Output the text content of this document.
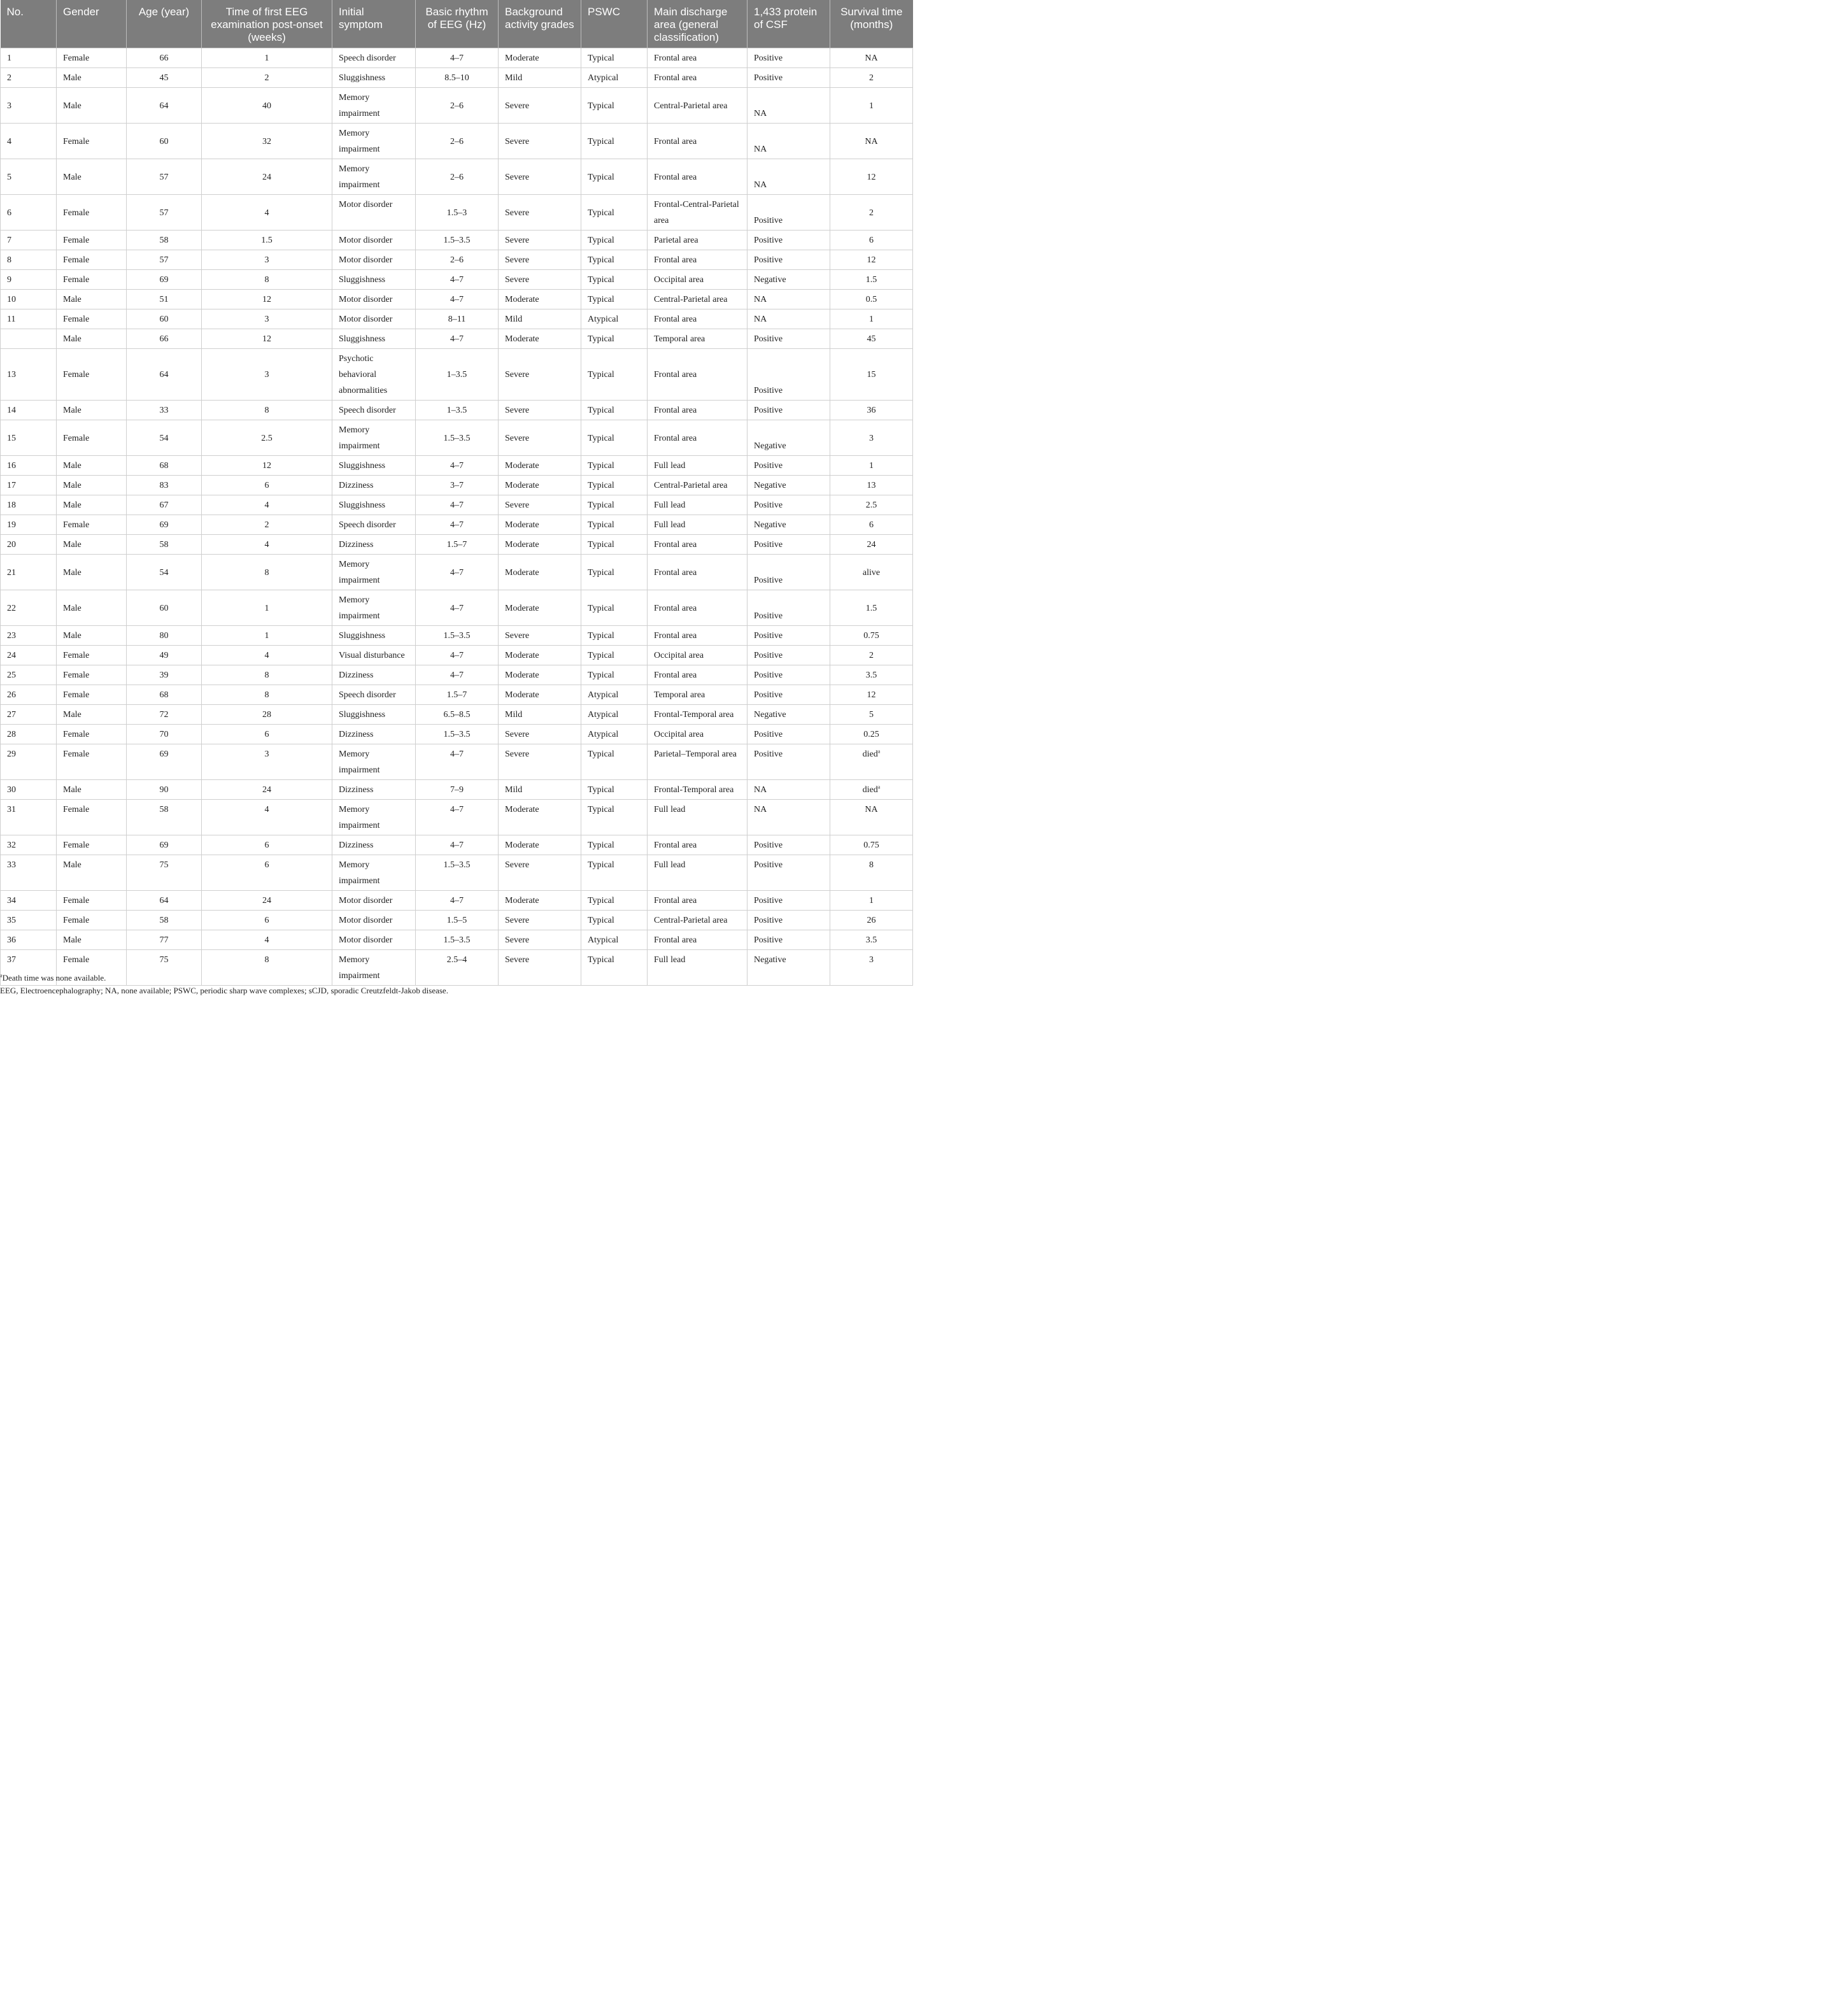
No.	Gender	Age (year)	Time of first EEG examination post-onset (weeks)	Initial symptom	Basic rhythm of EEG (Hz)	Background activity grades	PSWC	Main discharge area (general classification)	1,433 protein of CSF	Survival time (months)
1	Female	66	1	Speech disorder	4–7	Moderate	Typical	Frontal area	Positive	NA
2	Male	45	2	Sluggishness	8.5–10	Mild	Atypical	Frontal area	Positive	2
3	Male	64	40	Memory impairment	2–6	Severe	Typical	Central-Parietal area	NA	1
4	Female	60	32	Memory impairment	2–6	Severe	Typical	Frontal area	NA	NA
5	Male	57	24	Memory impairment	2–6	Severe	Typical	Frontal area	NA	12
6	Female	57	4	Motor disorder	1.5–3	Severe	Typical	Frontal-Central-Parietal area	Positive	2
7	Female	58	1.5	Motor disorder	1.5–3.5	Severe	Typical	Parietal area	Positive	6
8	Female	57	3	Motor disorder	2–6	Severe	Typical	Frontal area	Positive	12
9	Female	69	8	Sluggishness	4–7	Severe	Typical	Occipital area	Negative	1.5
10	Male	51	12	Motor disorder	4–7	Moderate	Typical	Central-Parietal area	NA	0.5
11	Female	60	3	Motor disorder	8–11	Mild	Atypical	Frontal area	NA	1
	Male	66	12	Sluggishness	4–7	Moderate	Typical	Temporal area	Positive	45
13	Female	64	3	Psychotic behavioral abnormalities	1–3.5	Severe	Typical	Frontal area	Positive	15
14	Male	33	8	Speech disorder	1–3.5	Severe	Typical	Frontal area	Positive	36
15	Female	54	2.5	Memory impairment	1.5–3.5	Severe	Typical	Frontal area	Negative	3
16	Male	68	12	Sluggishness	4–7	Moderate	Typical	Full lead	Positive	1
17	Male	83	6	Dizziness	3–7	Moderate	Typical	Central-Parietal area	Negative	13
18	Male	67	4	Sluggishness	4–7	Severe	Typical	Full lead	Positive	2.5
19	Female	69	2	Speech disorder	4–7	Moderate	Typical	Full lead	Negative	6
20	Male	58	4	Dizziness	1.5–7	Moderate	Typical	Frontal area	Positive	24
21	Male	54	8	Memory impairment	4–7	Moderate	Typical	Frontal area	Positive	alive
22	Male	60	1	Memory impairment	4–7	Moderate	Typical	Frontal area	Positive	1.5
23	Male	80	1	Sluggishness	1.5–3.5	Severe	Typical	Frontal area	Positive	0.75
24	Female	49	4	Visual disturbance	4–7	Moderate	Typical	Occipital area	Positive	2
25	Female	39	8	Dizziness	4–7	Moderate	Typical	Frontal area	Positive	3.5
26	Female	68	8	Speech disorder	1.5–7	Moderate	Atypical	Temporal area	Positive	12
27	Male	72	28	Sluggishness	6.5–8.5	Mild	Atypical	Frontal-Temporal area	Negative	5
28	Female	70	6	Dizziness	1.5–3.5	Severe	Atypical	Occipital area	Positive	0.25
29	Female	69	3	Memory impairment	4–7	Severe	Typical	Parietal–Temporal area	Positive	died$^a$
30	Male	90	24	Dizziness	7–9	Mild	Typical	Frontal-Temporal area	NA	died$^a$
31	Female	58	4	Memory impairment	4–7	Moderate	Typical	Full lead	NA	NA
32	Female	69	6	Dizziness	4–7	Moderate	Typical	Frontal area	Positive	0.75
33	Male	75	6	Memory impairment	1.5–3.5	Severe	Typical	Full lead	Positive	8
34	Female	64	24	Motor disorder	4–7	Moderate	Typical	Frontal area	Positive	1
35	Female	58	6	Motor disorder	1.5–5	Severe	Typical	Central-Parietal area	Positive	26
36	Male	77	4	Motor disorder	1.5–3.5	Severe	Atypical	Frontal area	Positive	3.5
37	Female	75	8	Memory impairment	2.5–4	Severe	Typical	Full lead	Negative	3
$^a$Death time was none available.
EEG, Electroencephalography; NA, none available; PSWC, periodic sharp wave complexes; sCJD, sporadic Creutzfeldt-Jakob disease.
